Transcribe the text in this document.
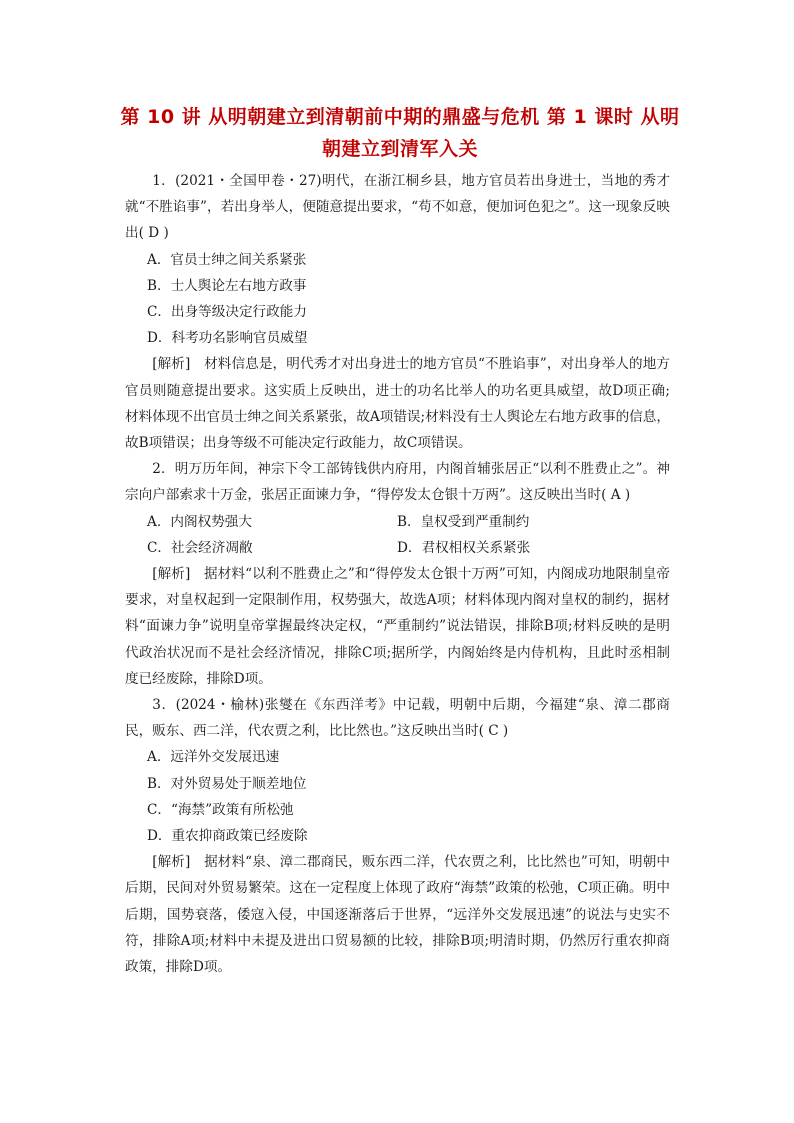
第 10 讲 从明朝建立到清朝前中期的鼎盛与危机 第 1 课时 从明
朝建立到清军入关

1．(2021・全国甲卷・27)明代，在浙江桐乡县，地方官员若出身进士，当地的秀才就“不胜谄事”，若出身举人，便随意提出要求，“苟不如意，便加诃色犯之”。这一现象反映出( D )

A．官员士绅之间关系紧张

B．士人舆论左右地方政事

C．出身等级决定行政能力

D．科考功名影响官员威望

[解析]　材料信息是，明代秀才对出身进士的地方官员“不胜谄事”，对出身举人的地方官员则随意提出要求。这实质上反映出，进士的功名比举人的功名更具威望，故D项正确;材料体现不出官员士绅之间关系紧张，故A项错误;材料没有士人舆论左右地方政事的信息，故B项错误；出身等级不可能决定行政能力，故C项错误。

2．明万历年间，神宗下令工部铸钱供内府用，内阁首辅张居正“以利不胜费止之”。神宗向户部索求十万金，张居正面谏力争，“得停发太仓银十万两”。这反映出当时( A )

A．内阁权势强大	B．皇权受到严重制约
C．社会经济凋敝	D．君权相权关系紧张

[解析]　据材料“以利不胜费止之”和“得停发太仓银十万两”可知，内阁成功地限制皇帝要求，对皇权起到一定限制作用，权势强大，故选A项；材料体现内阁对皇权的制约，据材料“面谏力争”说明皇帝掌握最终决定权，“严重制约”说法错误，排除B项;材料反映的是明代政治状况而不是社会经济情况，排除C项;据所学，内阁始终是内侍机构，且此时丞相制度已经废除，排除D项。

3．(2024・榆林)张燮在《东西洋考》中记载，明朝中后期，今福建“泉、漳二郡商民，贩东、西二洋，代农贾之利，比比然也。”这反映出当时( C )

A．远洋外交发展迅速

B．对外贸易处于顺差地位

C．“海禁”政策有所松弛

D．重农抑商政策已经废除

[解析]　据材料“泉、漳二郡商民，贩东西二洋，代农贾之利，比比然也”可知，明朝中后期，民间对外贸易繁荣。这在一定程度上体现了政府“海禁”政策的松弛，C项正确。明中后期，国势衰落，倭寇入侵，中国逐渐落后于世界，“远洋外交发展迅速”的说法与史实不符，排除A项;材料中未提及进出口贸易额的比较，排除B项;明清时期，仍然厉行重农抑商政策，排除D项。
